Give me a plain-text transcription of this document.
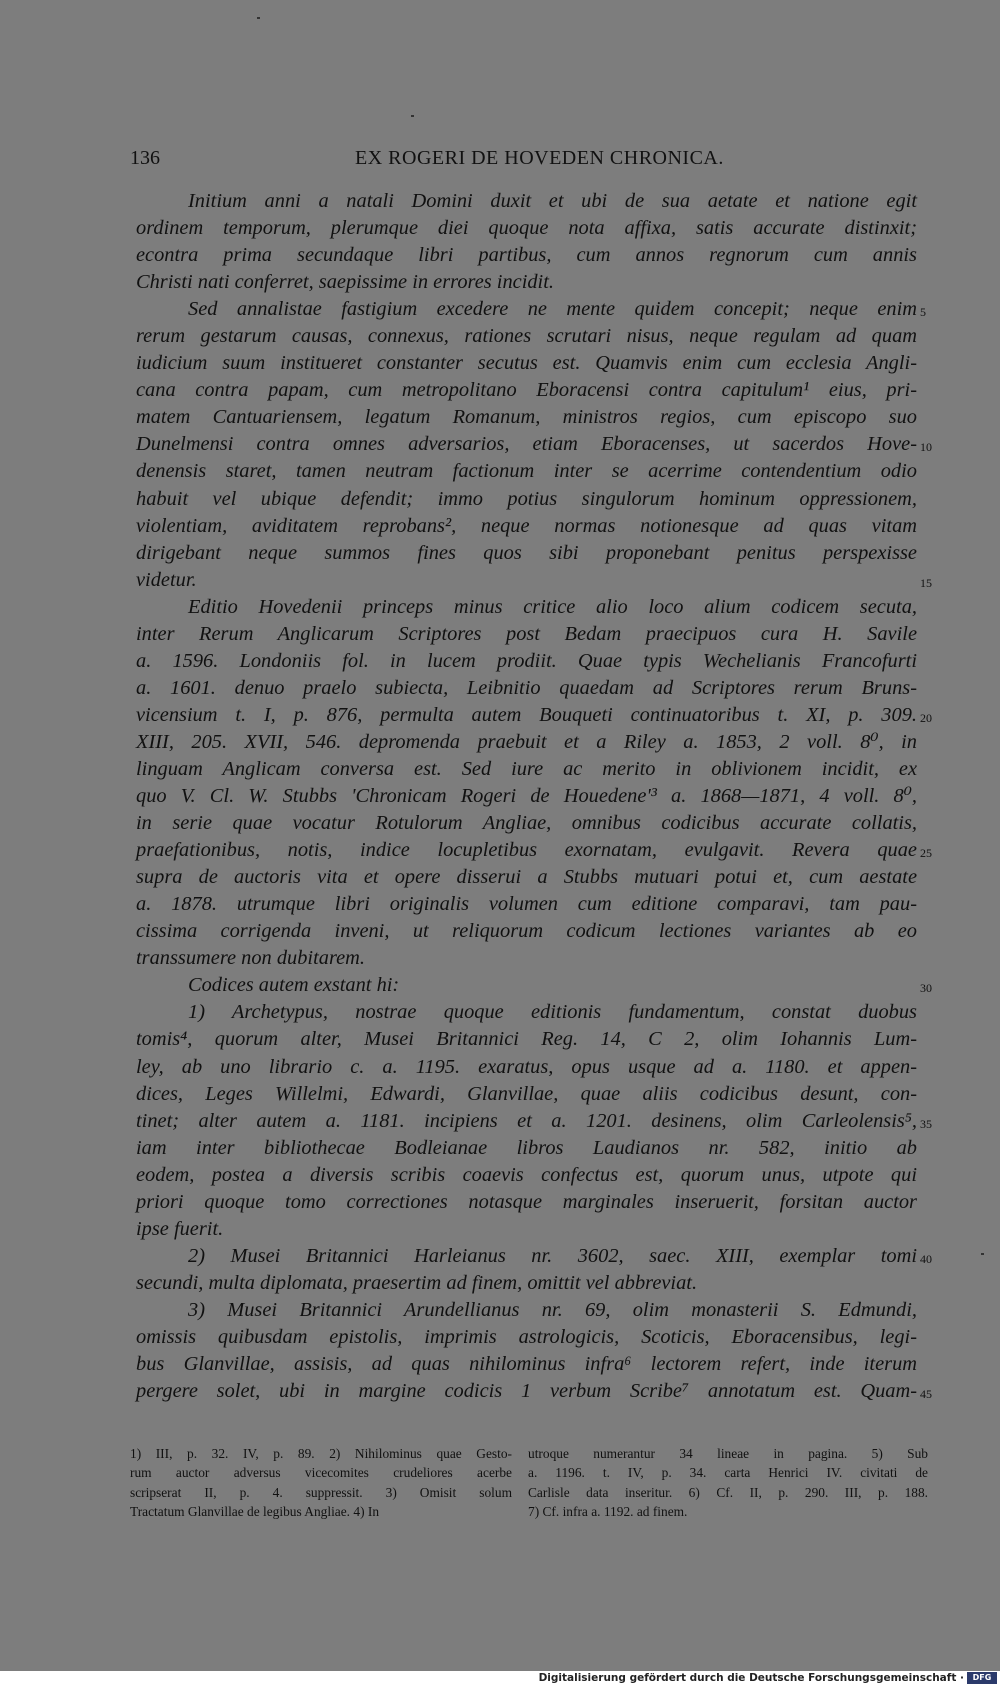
136	EX ROGERI DE HOVEDEN CHRONICA.
Initium anni a natali Domini duxit et ubi de sua aetate et natione egit
ordinem temporum, plerumque diei quoque nota affixa, satis accurate distinxit;
econtra prima secundaque libri partibus, cum annos regnorum cum annis
Christi nati conferret, saepissime in errores incidit.
Sed annalistae fastigium excedere ne mente quidem concepit; neque enim
rerum gestarum causas, connexus, rationes scrutari nisus, neque regulam ad quam
iudicium suum institueret constanter secutus est. Quamvis enim cum ecclesia Angli-
cana contra papam, cum metropolitano Eboracensi contra capitulum¹ eius, pri-
matem Cantuariensem, legatum Romanum, ministros regios, cum episcopo suo
Dunelmensi contra omnes adversarios, etiam Eboracenses, ut sacerdos Hove-
denensis staret, tamen neutram factionum inter se acerrime contendentium odio
habuit vel ubique defendit; immo potius singulorum hominum oppressionem,
violentiam, aviditatem reprobans², neque normas notionesque ad quas vitam
dirigebant neque summos fines quos sibi proponebant penitus perspexisse
videtur.
Editio Hovedenii princeps minus critice alio loco alium codicem secuta,
inter Rerum Anglicarum Scriptores post Bedam praecipuos cura H. Savile
a. 1596. Londoniis fol. in lucem prodiit. Quae typis Wechelianis Francofurti
a. 1601. denuo praelo subiecta, Leibnitio quaedam ad Scriptores rerum Bruns-
vicensium t. I, p. 876, permulta autem Bouqueti continuatoribus t. XI, p. 309.
XIII, 205. XVII, 546. depromenda praebuit et a Riley a. 1853, 2 voll. 8⁰, in
linguam Anglicam conversa est. Sed iure ac merito in oblivionem incidit, ex
quo V. Cl. W. Stubbs 'Chronicam Rogeri de Houedene'³ a. 1868—1871, 4 voll. 8⁰,
in serie quae vocatur Rotulorum Angliae, omnibus codicibus accurate collatis,
praefationibus, notis, indice locupletibus exornatam, evulgavit. Revera quae
supra de auctoris vita et opere disserui a Stubbs mutuari potui et, cum aestate
a. 1878. utrumque libri originalis volumen cum editione comparavi, tam pau-
cissima corrigenda inveni, ut reliquorum codicum lectiones variantes ab eo
transsumere non dubitarem.
Codices autem exstant hi:
1) Archetypus, nostrae quoque editionis fundamentum, constat duobus
tomis⁴, quorum alter, Musei Britannici Reg. 14, C 2, olim Iohannis Lum-
ley, ab uno librario c. a. 1195. exaratus, opus usque ad a. 1180. et appen-
dices, Leges Willelmi, Edwardi, Glanvillae, quae aliis codicibus desunt, con-
tinet; alter autem a. 1181. incipiens et a. 1201. desinens, olim Carleolensis⁵,
iam inter bibliothecae Bodleianae libros Laudianos nr. 582, initio ab
eodem, postea a diversis scribis coaevis confectus est, quorum unus, utpote qui
priori quoque tomo correctiones notasque marginales inseruerit, forsitan auctor
ipse fuerit.
2) Musei Britannici Harleianus nr. 3602, saec. XIII, exemplar tomi
secundi, multa diplomata, praesertim ad finem, omittit vel abbreviat.
3) Musei Britannici Arundellianus nr. 69, olim monasterii S. Edmundi,
omissis quibusdam epistolis, imprimis astrologicis, Scoticis, Eboracensibus, legi-
bus Glanvillae, assisis, ad quas nihilominus infra⁶ lectorem refert, inde iterum
pergere solet, ubi in margine codicis 1 verbum Scribe⁷ annotatum est. Quam-
5
10
15
20
25
30
35
40
45
1) III, p. 32. IV, p. 89. 2) Nihilominus quae Gesto-
rum auctor adversus vicecomites crudeliores acerbe
scripserat II, p. 4. suppressit. 3) Omisit solum
Tractatum Glanvillae de legibus Angliae. 4) In
utroque numerantur 34 lineae in pagina. 5) Sub
a. 1196. t. IV, p. 34. carta Henrici IV. civitati de
Carlisle data inseritur. 6) Cf. II, p. 290. III, p. 188.
7) Cf. infra a. 1192. ad finem.
Digitalisierung gefördert durch die Deutsche Forschungsgemeinschaft ·	DFG
